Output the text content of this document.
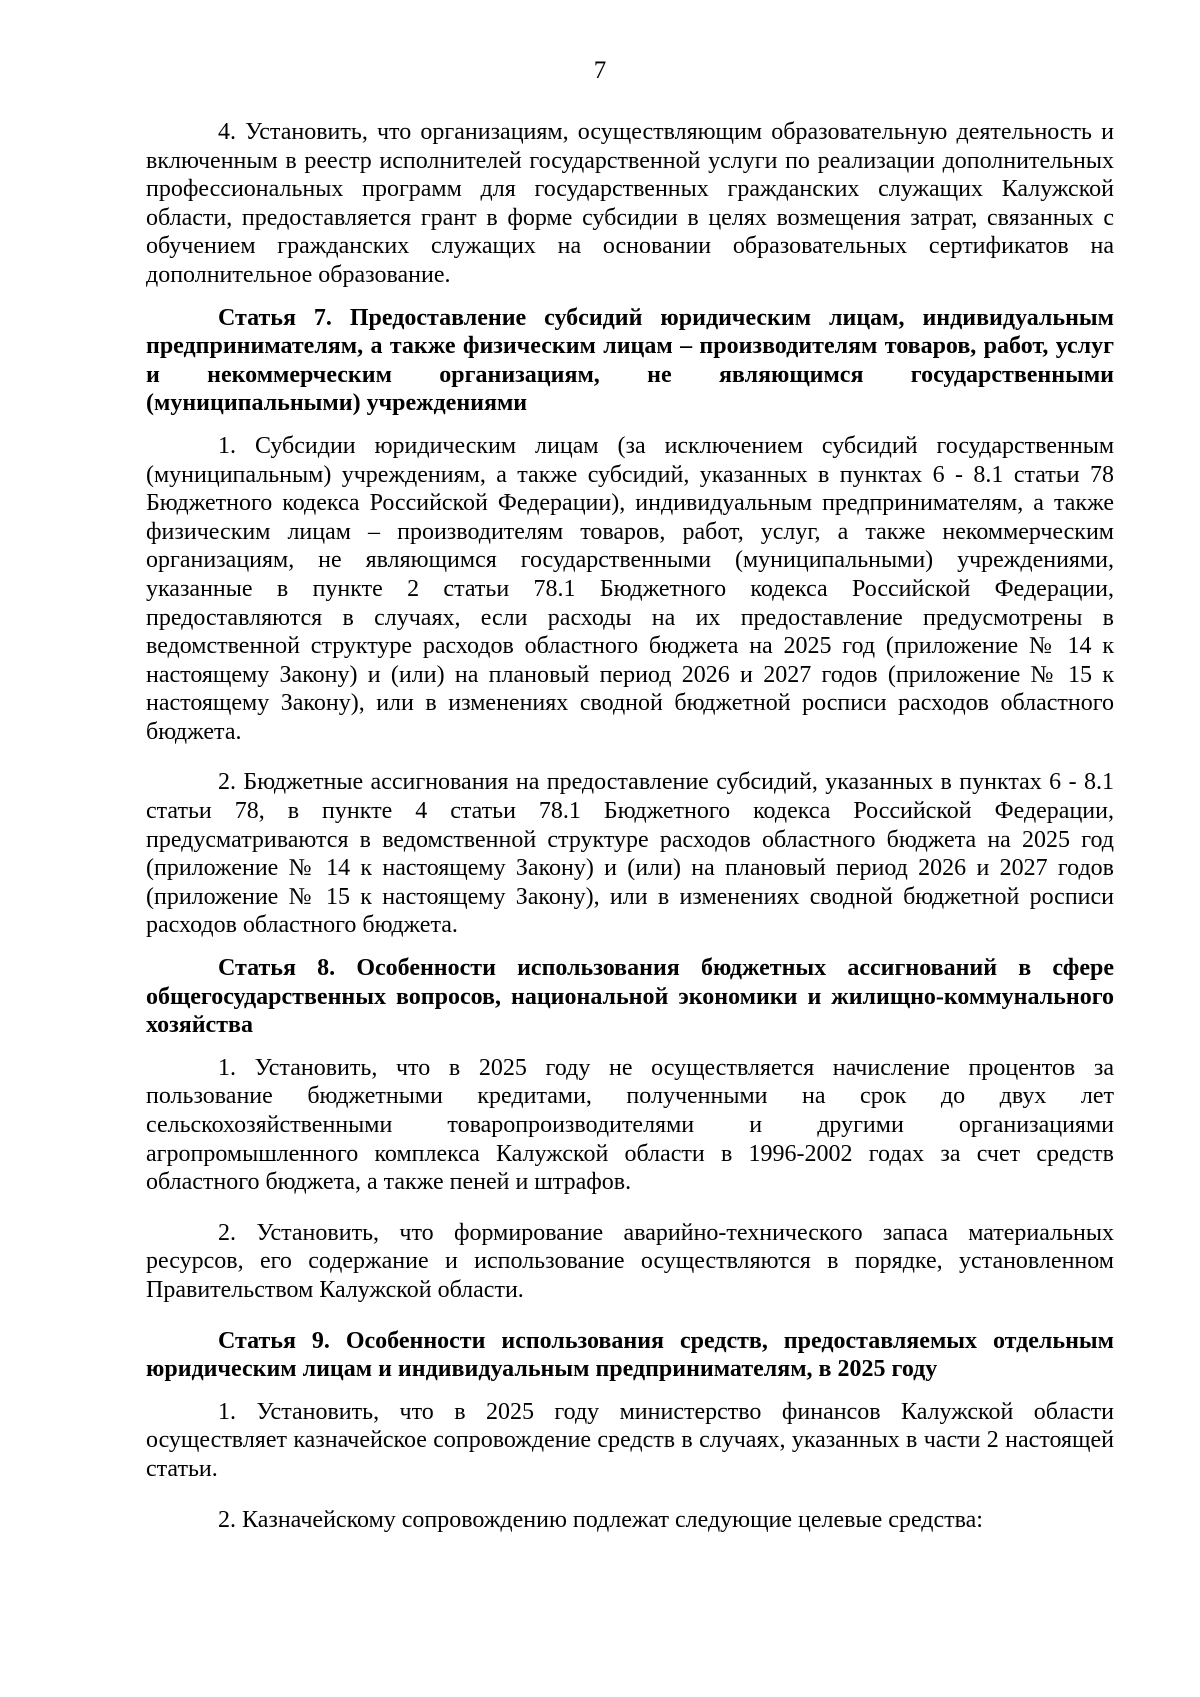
7

4. Установить, что организациям, осуществляющим образовательную деятельность и включенным в реестр исполнителей государственной услуги по реализации дополнительных профессиональных программ для государственных гражданских служащих Калужской области, предоставляется грант в форме субсидии в целях возмещения затрат, связанных с обучением гражданских служащих на основании образовательных сертификатов на дополнительное образование.

Статья 7. Предоставление субсидий юридическим лицам, индивидуальным предпринимателям, а также физическим лицам – производителям товаров, работ, услуг и некоммерческим организациям, не являющимся государственными (муниципальными) учреждениями

1. Субсидии юридическим лицам (за исключением субсидий государственным (муниципальным) учреждениям, а также субсидий, указанных в пунктах 6 - 8.1 статьи 78 Бюджетного кодекса Российской Федерации), индивидуальным предпринимателям, а также физическим лицам – производителям товаров, работ, услуг, а также некоммерческим организациям, не являющимся государственными (муниципальными) учреждениями, указанные в пункте 2 статьи 78.1 Бюджетного кодекса Российской Федерации, предоставляются в случаях, если расходы на их предоставление предусмотрены в ведомственной структуре расходов областного бюджета на 2025 год (приложение № 14 к настоящему Закону) и (или) на плановый период 2026 и 2027 годов (приложение № 15 к настоящему Закону), или в изменениях сводной бюджетной росписи расходов областного бюджета.

2. Бюджетные ассигнования на предоставление субсидий, указанных в пунктах 6 - 8.1 статьи 78, в пункте 4 статьи 78.1 Бюджетного кодекса Российской Федерации, предусматриваются в ведомственной структуре расходов областного бюджета на 2025 год (приложение № 14 к настоящему Закону) и (или) на плановый период 2026 и 2027 годов (приложение № 15 к настоящему Закону), или в изменениях сводной бюджетной росписи расходов областного бюджета.

Статья 8. Особенности использования бюджетных ассигнований в сфере общегосударственных вопросов, национальной экономики и жилищно-коммунального хозяйства

1. Установить, что в 2025 году не осуществляется начисление процентов за пользование бюджетными кредитами, полученными на срок до двух лет сельскохозяйственными товаропроизводителями и другими организациями агропромышленного комплекса Калужской области в 1996-2002 годах за счет средств областного бюджета, а также пеней и штрафов.

2. Установить, что формирование аварийно-технического запаса материальных ресурсов, его содержание и использование осуществляются в порядке, установленном Правительством Калужской области.

Статья 9. Особенности использования средств, предоставляемых отдельным юридическим лицам и индивидуальным предпринимателям, в 2025 году

1. Установить, что в 2025 году министерство финансов Калужской области осуществляет казначейское сопровождение средств в случаях, указанных в части 2 настоящей статьи.

2. Казначейскому сопровождению подлежат следующие целевые средства:
